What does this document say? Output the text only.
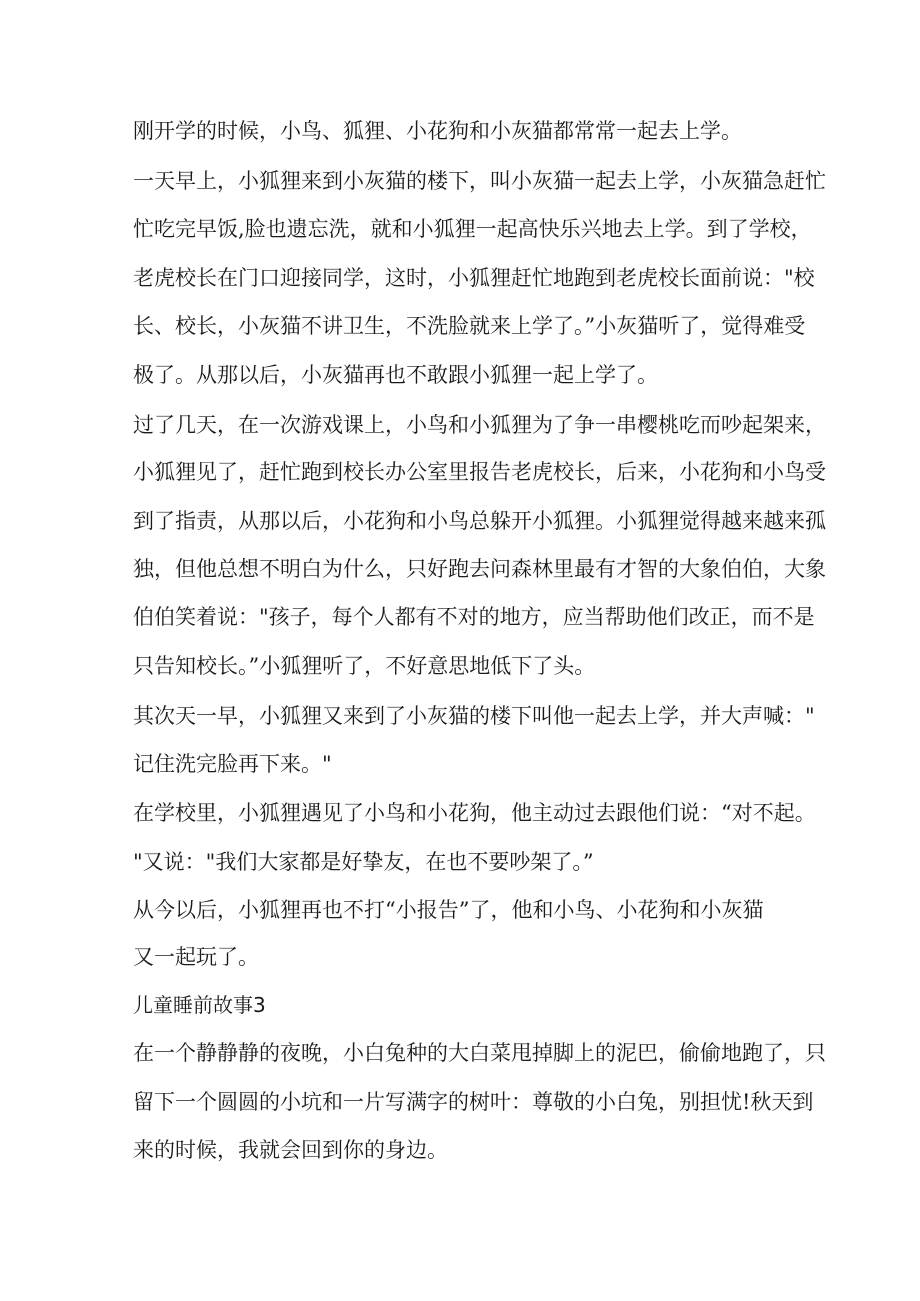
刚开学的时候，小鸟、狐狸、小花狗和小灰猫都常常一起去上学。

一天早上，小狐狸来到小灰猫的楼下，叫小灰猫一起去上学，小灰猫急赶忙

忙吃完早饭,脸也遗忘洗，就和小狐狸一起高快乐兴地去上学。到了学校，

老虎校长在门口迎接同学，这时，小狐狸赶忙地跑到老虎校长面前说："校

长、校长，小灰猫不讲卫生，不洗脸就来上学了。”小灰猫听了，觉得难受

极了。从那以后，小灰猫再也不敢跟小狐狸一起上学了。

过了几天，在一次游戏课上，小鸟和小狐狸为了争一串樱桃吃而吵起架来，

小狐狸见了，赶忙跑到校长办公室里报告老虎校长，后来，小花狗和小鸟受

到了指责，从那以后，小花狗和小鸟总躲开小狐狸。小狐狸觉得越来越来孤

独，但他总想不明白为什么，只好跑去问森林里最有才智的大象伯伯，大象

伯伯笑着说："孩子，每个人都有不对的地方，应当帮助他们改正，而不是

只告知校长。”小狐狸听了，不好意思地低下了头。

其次天一早，小狐狸又来到了小灰猫的楼下叫他一起去上学，并大声喊："

记住洗完脸再下来。"

在学校里，小狐狸遇见了小鸟和小花狗，他主动过去跟他们说：“对不起。

"又说："我们大家都是好挚友，在也不要吵架了。”

从今以后，小狐狸再也不打“小报告”了，他和小鸟、小花狗和小灰猫

又一起玩了。

儿童睡前故事3

在一个静静静的夜晚，小白兔种的大白菜甩掉脚上的泥巴，偷偷地跑了，只

留下一个圆圆的小坑和一片写满字的树叶：尊敬的小白兔，别担忧!秋天到

来的时候，我就会回到你的身边。
